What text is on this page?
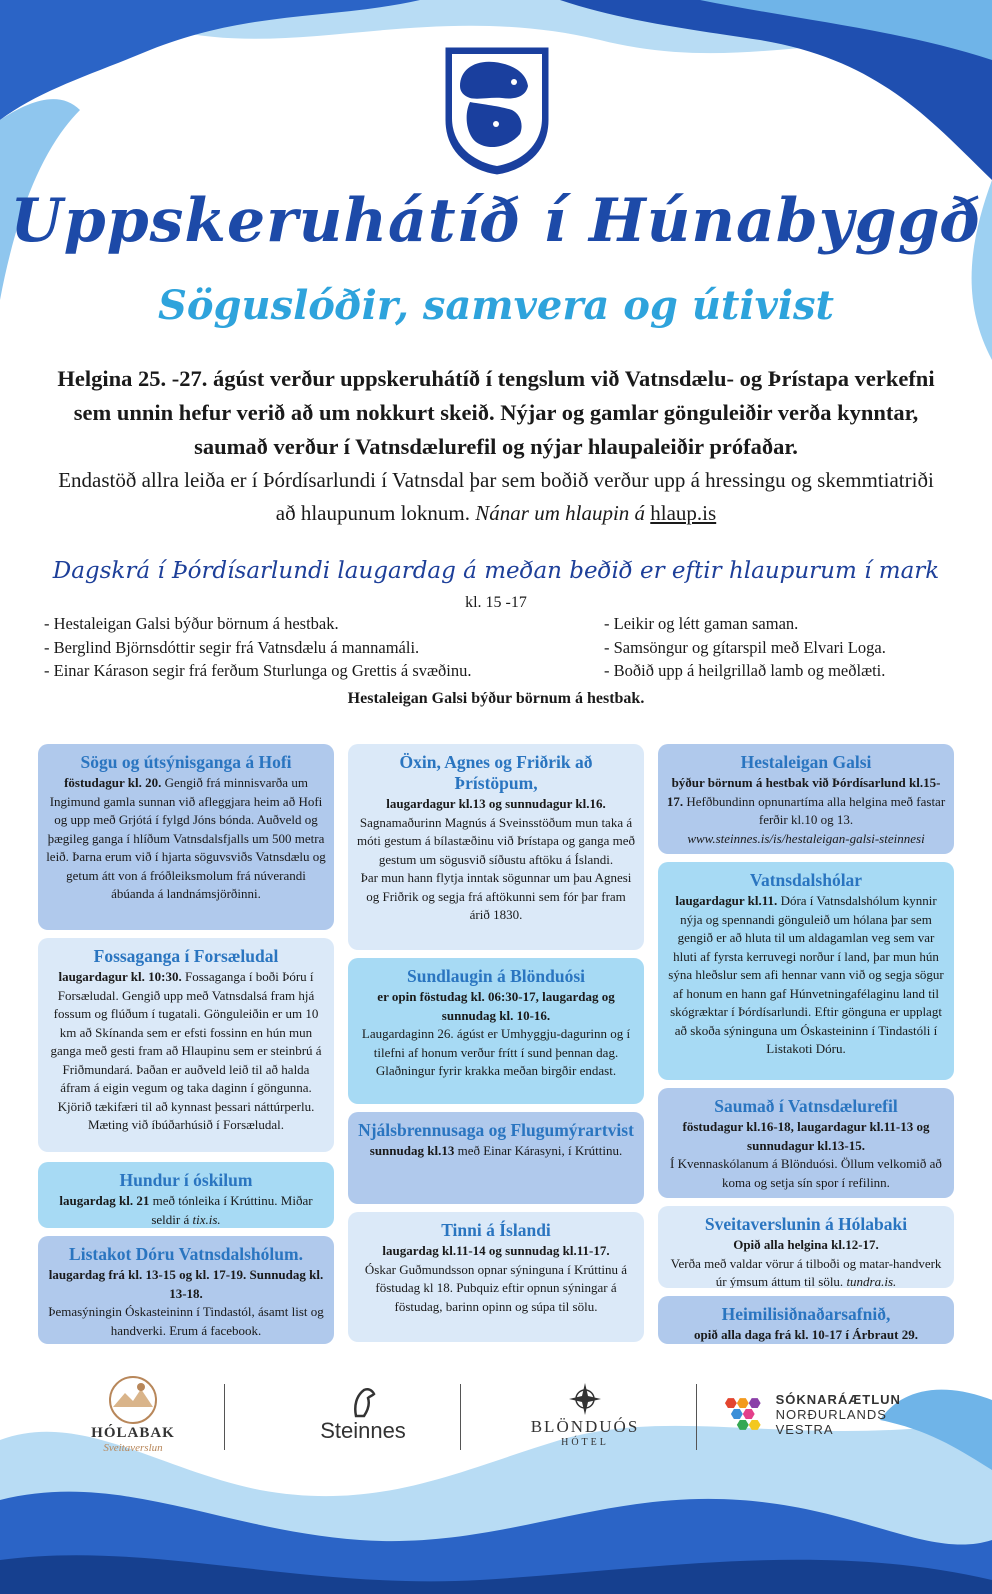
Uppskeruhátíð í Húnabyggð
Söguslóðir, samvera og útivist
Helgina 25. -27. ágúst verður uppskeruhátíð í tengslum við Vatnsdælu- og Þrístapa verkefni sem unnin hefur verið að um nokkurt skeið. Nýjar og gamlar gönguleiðir verða kynntar, saumað verður í Vatnsdælurefil og nýjar hlaupaleiðir prófaðar.
Endastöð allra leiða er í Þórdísarlundi í Vatnsdal þar sem boðið verður upp á hressingu og skemmtiatriði að hlaupunum loknum. Nánar um hlaupin á hlaup.is
Dagskrá í Þórdísarlundi laugardag á meðan beðið er eftir hlaupurum í mark
kl. 15 -17
- Hestaleigan Galsi býður börnum á hestbak.
- Berglind Björnsdóttir segir frá Vatnsdælu á mannamáli.
- Einar Kárason segir frá ferðum Sturlunga og Grettis á svæðinu.
- Leikir og létt gaman saman.
- Samsöngur og gítarspil með Elvari Loga.
- Boðið upp á heilgrillað lamb og meðlæti.
Hestaleigan Galsi býður börnum á hestbak.
Sögu og útsýnisganga á Hofi
föstudagur kl. 20. Gengið frá minnisvarða um Ingimund gamla sunnan við afleggjara heim að Hofi og upp með Grjótá í fylgd Jóns bónda. Auðveld og þægileg ganga í hlíðum Vatnsdalsfjalls um 500 metra leið. Þarna erum við í hjarta söguvsviðs Vatnsdælu og getum átt von á fróðleiksmolum frá núverandi ábúanda á landnámsjörðinni.
Fossaganga í Forsæludal
laugardagur kl. 10:30. Fossaganga í boði Þóru í Forsæludal. Gengið upp með Vatnsdalsá fram hjá fossum og flúðum í tugatali. Gönguleiðin er um 10 km að Skínanda sem er efsti fossinn en hún mun ganga með gesti fram að Hlaupinu sem er steinbrú á Friðmundará. Þaðan er auðveld leið til að halda áfram á eigin vegum og taka daginn í göngunna. Kjörið tækifæri til að kynnast þessari náttúrperlu. Mæting við íbúðarhúsið í Forsæludal.
Hundur í óskilum
laugardag kl. 21 með tónleika í Krúttinu. Miðar seldir á tix.is.
Listakot Dóru Vatnsdalshólum.
laugardag frá kl. 13-15 og kl. 17-19. Sunnudag kl. 13-18.
Þemasýningin Óskasteininn í Tindastól, ásamt list og handverki. Erum á facebook.
Öxin, Agnes og Friðrik að Þrístöpum,
laugardagur kl.13 og sunnudagur kl.16.
Sagnamaðurinn Magnús á Sveinsstöðum mun taka á móti gestum á bílastæðinu við Þrístapa og ganga með gestum um sögusvið síðustu aftöku á Íslandi.
Þar mun hann flytja inntak sögunnar um þau Agnesi og Friðrik og segja frá aftökunni sem fór þar fram árið 1830.
Sundlaugin á Blönduósi
er opin föstudag kl. 06:30-17, laugardag og sunnudag kl. 10-16.
Laugardaginn 26. ágúst er Umhyggju-dagurinn og í tilefni af honum verður frítt í sund þennan dag. Glaðningur fyrir krakka meðan birgðir endast.
Njálsbrennusaga og Flugumýrartvist
sunnudag kl.13 með Einar Kárasyni, í Krúttinu.
Tinni á Íslandi
laugardag kl.11-14 og sunnudag kl.11-17.
Óskar Guðmundsson opnar sýninguna í Krúttinu á föstudag kl 18. Pubquiz eftir opnun sýningar á föstudag, barinn opinn og súpa til sölu.
Hestaleigan Galsi
býður börnum á hestbak við Þórdísarlund kl.15-17. Hefðbundinn opnunartíma alla helgina með fastar ferðir kl.10 og 13.
www.steinnes.is/is/hestaleigan-galsi-steinnesi
Vatnsdalshólar
laugardagur kl.11. Dóra í Vatnsdalshólum kynnir nýja og spennandi gönguleið um hólana þar sem gengið er að hluta til um aldagamlan veg sem var hluti af fyrsta kerruvegi norður í land, þar mun hún sýna hleðslur sem afi hennar vann við og segja sögur af honum en hann gaf Húnvetningafélaginu land til skógræktar í Þórdísarlundi. Eftir gönguna er upplagt að skoða sýninguna um Óskasteininn í Tindastóli í Listakoti Dóru.
Saumað í Vatnsdælurefil
föstudagur kl.16-18, laugardagur kl.11-13 og sunnudagur kl.13-15.
Í Kvennaskólanum á Blönduósi. Öllum velkomið að koma og setja sín spor í refilinn.
Sveitaverslunin á Hólabaki
Opið alla helgina kl.12-17.
Verða með valdar vörur á tilboði og matar-handverk úr ýmsum áttum til sölu. tundra.is.
Heimilisiðnaðarsafnið,
opið alla daga frá kl. 10-17 í Árbraut 29.
HÓLABAK
Sveitaverslun
Steinnes	BLÖNDUÓS
HÓTEL
SÓKNARÁÆTLUN
NORÐURLANDS VESTRA
